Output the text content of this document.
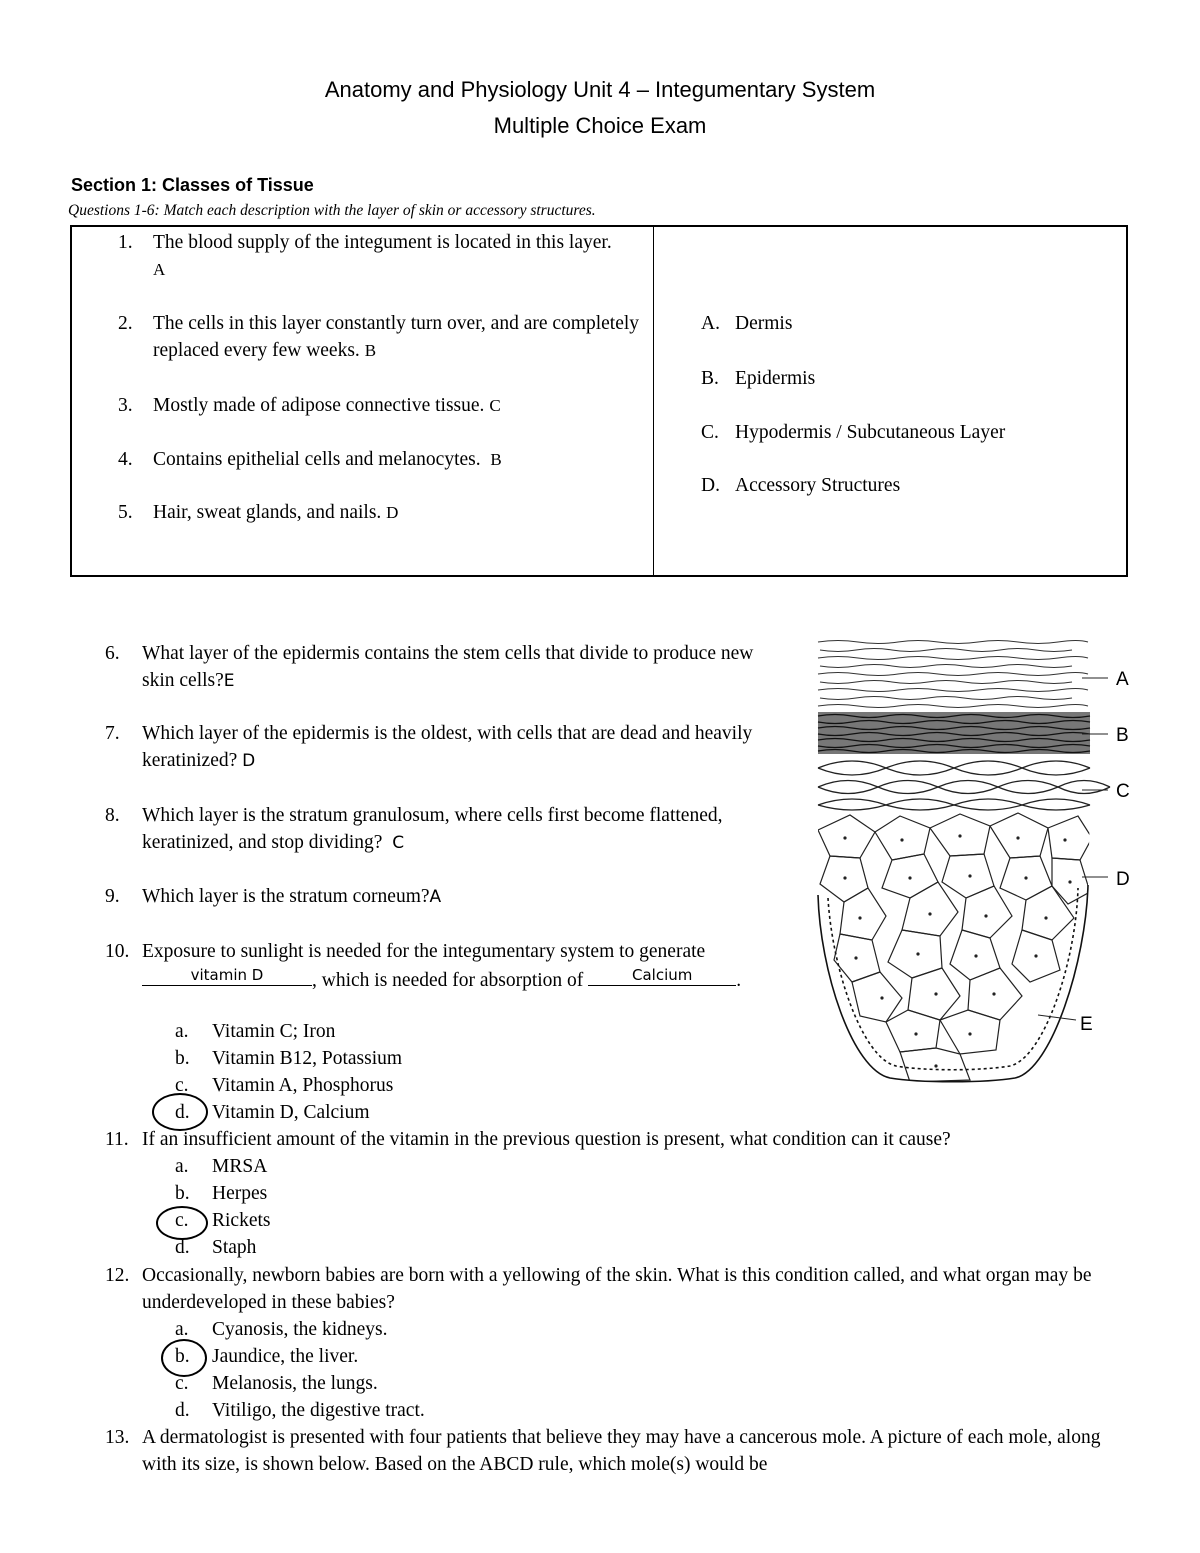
Anatomy and Physiology Unit 4 – Integumentary System
Multiple Choice Exam
Section 1: Classes of Tissue
Questions 1-6: Match each description with the layer of skin or accessory structures.
1.	The blood supply of the integument is located in this layer. A
2.	The cells in this layer constantly turn over, and are completely replaced every few weeks. B
3.	Mostly made of adipose connective tissue. C
4.	Contains epithelial cells and melanocytes. B
5.	Hair, sweat glands, and nails. D
A. Dermis
B. Epidermis
C. Hypodermis / Subcutaneous Layer
D. Accessory Structures
6.	What layer of the epidermis contains the stem cells that divide to produce new skin cells?E
7.	Which layer of the epidermis is the oldest, with cells that are dead and heavily keratinized? D
8.	Which layer is the stratum granulosum, where cells first become flattened, keratinized, and stop dividing? C
9.	Which layer is the stratum corneum?A
10. Exposure to sunlight is needed for the integumentary system to generate
vitamin D	, which is needed for absorption of	Calcium	.
a. Vitamin C; Iron
b. Vitamin B12, Potassium
c. Vitamin A, Phosphorus
d. Vitamin D, Calcium
11. If an insufficient amount of the vitamin in the previous question is present, what condition can it cause?
a. MRSA
b. Herpes
c. Rickets
d. Staph
12. Occasionally, newborn babies are born with a yellowing of the skin. What is this condition called, and what organ may be underdeveloped in these babies?
a. Cyanosis, the kidneys.
b. Jaundice, the liver.
c. Melanosis, the lungs.
d. Vitiligo, the digestive tract.
13. A dermatologist is presented with four patients that believe they may have a cancerous mole. A picture of each mole, along with its size, is shown below. Based on the ABCD rule, which mole(s) would be
A
B
C
D
E
